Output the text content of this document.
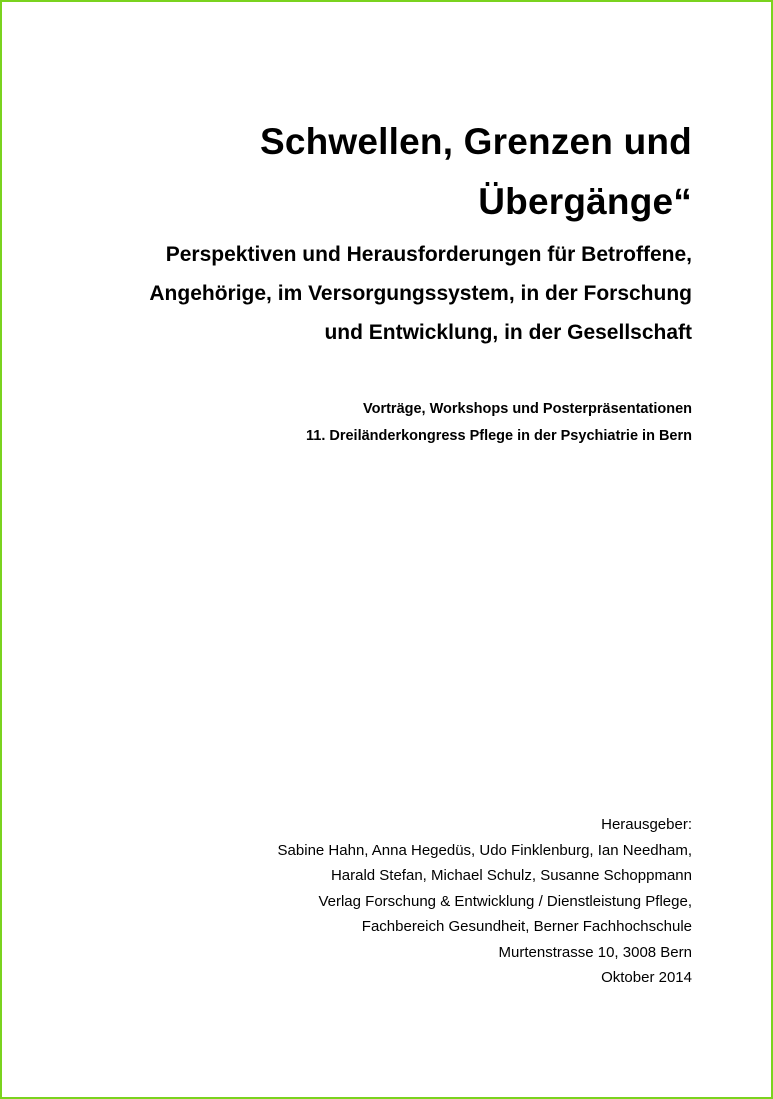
Schwellen, Grenzen und
Übergänge“
Perspektiven und Herausforderungen für Betroffene,
Angehörige, im Versorgungssystem, in der Forschung
und Entwicklung, in der Gesellschaft
Vorträge, Workshops und Posterpräsentationen
11. Dreiländerkongress Pflege in der Psychiatrie in Bern
Herausgeber:
Sabine Hahn, Anna Hegedüs, Udo Finklenburg, Ian Needham,
Harald Stefan, Michael Schulz, Susanne Schoppmann
Verlag Forschung & Entwicklung / Dienstleistung Pflege,
Fachbereich Gesundheit, Berner Fachhochschule
Murtenstrasse 10, 3008 Bern
Oktober 2014
